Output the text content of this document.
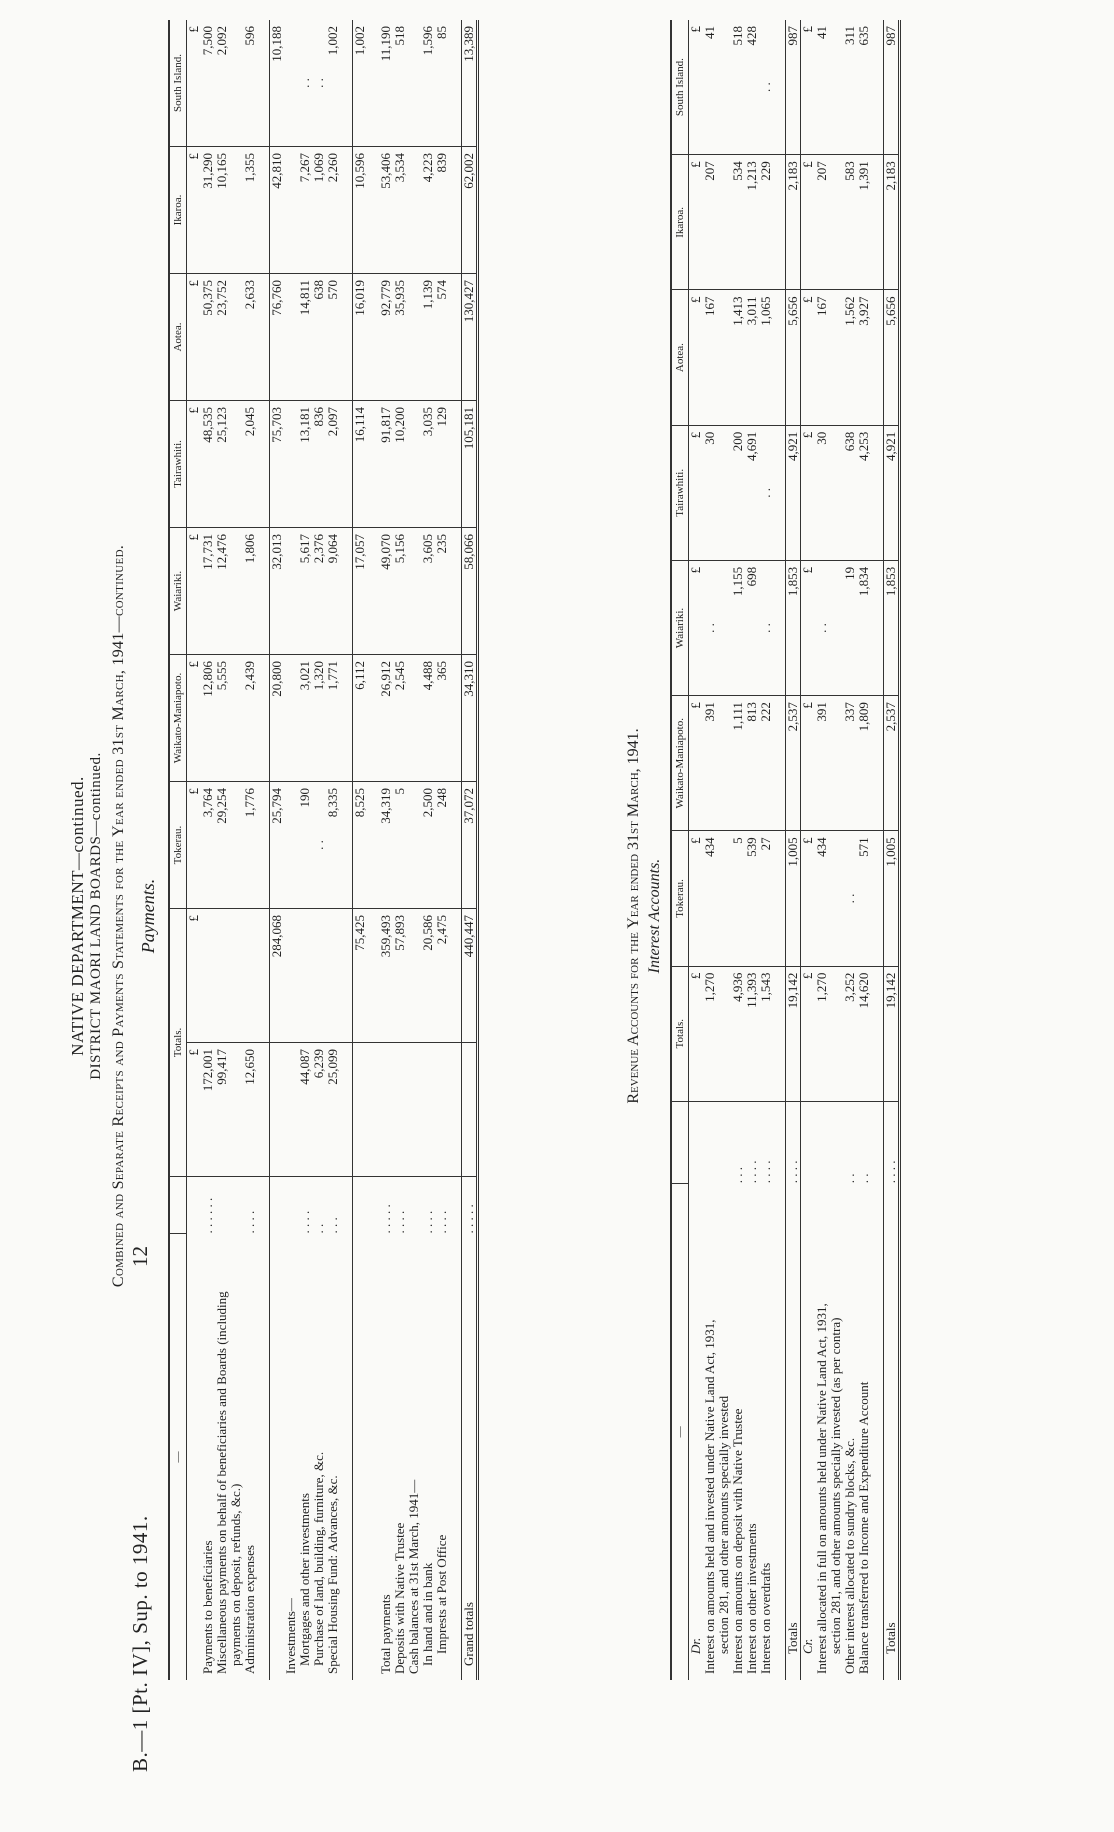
B.—1 [Pt. IV], Sup. to 1941.
12
NATIVE DEPARTMENT—continued. DISTRICT MAORI LAND BOARDS—continued. Combined and Separate Receipts and Payments Statements for the Year ended 31st March, 1941—continued. Payments.
—		Totals.		Tokerau.	Waikato-Maniapoto.	Waiariki.	Tairawhiti.	Aotea.	Ikaroa.	South Island.
		£	£	£	£	£	£	£	£	£
Payments to beneficiaries	. . . . . .	172,001		3,764	12,806	17,731	48,535	50,375	31,290	7,500
Miscellaneous payments on behalf of beneficiaries and Boards (including		99,417		29,254	5,555	12,476	25,123	23,752	10,165	2,092
payments on deposit, refunds, &c.)										
Administration expenses	. . . .	12,650		1,776	2,439	1,806	2,045	2,633	1,355	596

			284,068	25,794	20,800	32,013	75,703	76,760	42,810	10,188
Investments—										
Mortgages and other investments	. . . .	44,087		190	3,021	5,617	13,181	14,811	7,267	. .
Purchase of land, building, furniture, &c.	. .	6,239		. .	1,320	2,376	836	638	1,069	. .
Special Housing Fund: Advances, &c.	. . .	25,099		8,335	1,771	9,064	2,097	570	2,260	1,002

			75,425	8,525	6,112	17,057	16,114	16,019	10,596	1,002

Total payments	. . . . .		359,493	34,319	26,912	49,070	91,817	92,779	53,406	11,190
Deposits with Native Trustee	. . . .		57,893	5	2,545	5,156	10,200	35,935	3,534	518
Cash balances at 31st March, 1941—										
In hand and in bank	. . . .		20,586	2,500	4,488	3,605	3,035	1,139	4,223	1,596
Imprests at Post Office	. . . .		2,475	248	365	235	129	574	839	85

Grand totals	. . . . .		440,447	37,072	34,310	58,066	105,181	130,427	62,002	13,389
Revenue Accounts for the Year ended 31st March, 1941. Interest Accounts.
—		Totals.	Tokerau.	Waikato-Maniapoto.	Waiariki.	Tairawhiti.	Aotea.	Ikaroa.	South Island.
Dr.		£	£	£	£	£	£	£	£
Interest on amounts held and invested under Native Land Act, 1931,		1,270	434	391	. .	30	167	207	41
section 281, and other amounts specially invested									
Interest on amounts on deposit with Native Trustee	. . .	4,936	5	1,111	1,155	200	1,413	534	518
Interest on other investments	. . . .	11,393	539	813	698	4,691	3,011	1,213	428
Interest on overdrafts	. . . .	1,543	27	222	. .	. .	1,065	229	. .

Totals	. . . .	19,142	1,005	2,537	1,853	4,921	5,656	2,183	987
Cr.		£	£	£	£	£	£	£	£
Interest allocated in full on amounts held under Native Land Act, 1931,		1,270	434	391	. .	30	167	207	41
section 281, and other amounts specially invested (as per contra)									
Other interest allocated to sundry blocks, &c.	. .	3,252	. .	337	19	638	1,562	583	311
Balance transferred to Income and Expenditure Account	. .	14,620	571	1,809	1,834	4,253	3,927	1,391	635

Totals	. . . .	19,142	1,005	2,537	1,853	4,921	5,656	2,183	987
